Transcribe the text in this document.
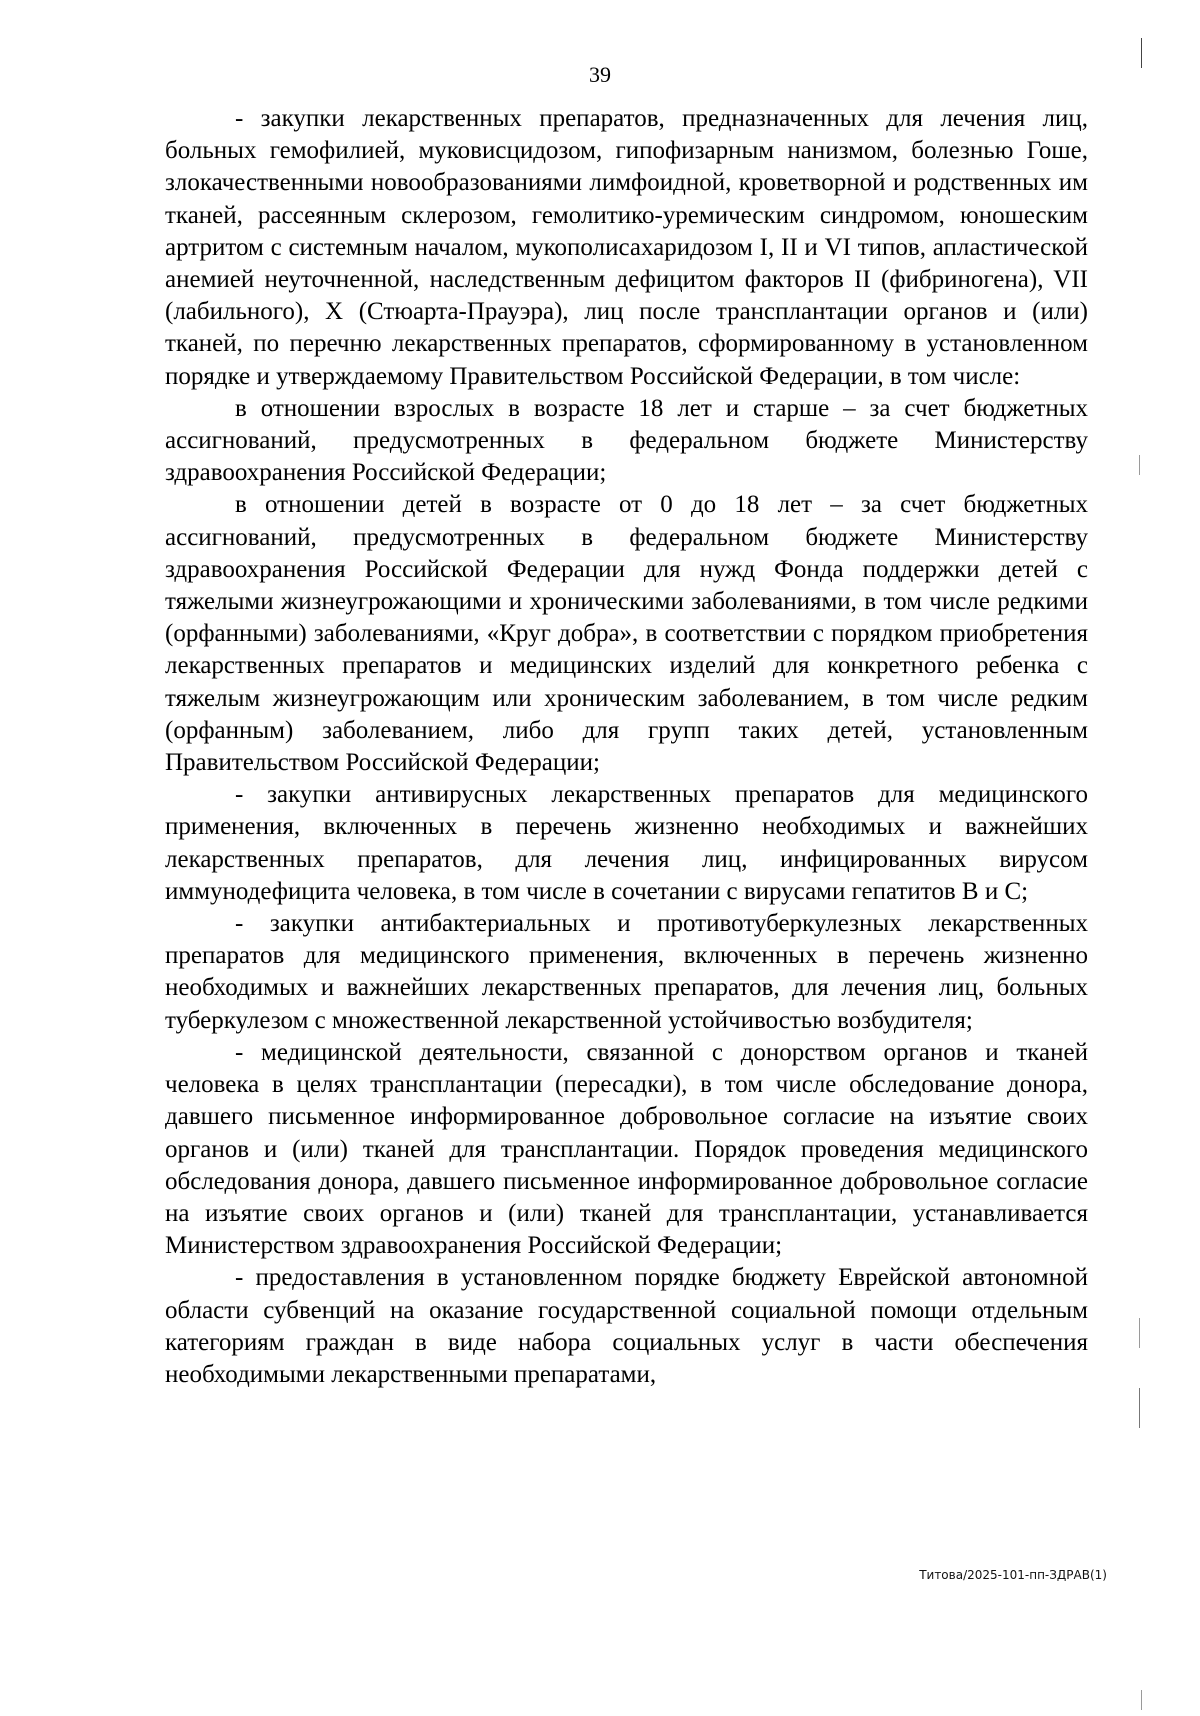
39

- закупки лекарственных препаратов, предназначенных для лечения лиц, больных гемофилией, муковисцидозом, гипофизарным нанизмом, болезнью Гоше, злокачественными новообразованиями лимфоидной, кроветворной и родственных им тканей, рассеянным склерозом, гемолитико-уремическим синдромом, юношеским артритом с системным началом, мукополисахаридозом I, II и VI типов, апластической анемией неуточненной, наследственным дефицитом факторов II (фибриногена), VII (лабильного), X (Стюарта-Прауэра), лиц после трансплантации органов и (или) тканей, по перечню лекарственных препаратов, сформированному в установленном порядке и утверждаемому Правительством Российской Федерации, в том числе:

в отношении взрослых в возрасте 18 лет и старше – за счет бюджетных ассигнований, предусмотренных в федеральном бюджете Министерству здравоохранения Российской Федерации;

в отношении детей в возрасте от 0 до 18 лет – за счет бюджетных ассигнований, предусмотренных в федеральном бюджете Министерству здравоохранения Российской Федерации для нужд Фонда поддержки детей с тяжелыми жизнеугрожающими и хроническими заболеваниями, в том числе редкими (орфанными) заболеваниями, «Круг добра», в соответствии с порядком приобретения лекарственных препаратов и медицинских изделий для конкретного ребенка с тяжелым жизнеугрожающим или хроническим заболеванием, в том числе редким (орфанным) заболеванием, либо для групп таких детей, установленным Правительством Российской Федерации;

- закупки антивирусных лекарственных препаратов для медицинского применения, включенных в перечень жизненно необходимых и важнейших лекарственных препаратов, для лечения лиц, инфицированных вирусом иммунодефицита человека, в том числе в сочетании с вирусами гепатитов B и C;

- закупки антибактериальных и противотуберкулезных лекарственных препаратов для медицинского применения, включенных в перечень жизненно необходимых и важнейших лекарственных препаратов, для лечения лиц, больных туберкулезом с множественной лекарственной устойчивостью возбудителя;

- медицинской деятельности, связанной с донорством органов и тканей человека в целях трансплантации (пересадки), в том числе обследование донора, давшего письменное информированное добровольное согласие на изъятие своих органов и (или) тканей для трансплантации. Порядок проведения медицинского обследования донора, давшего письменное информированное добровольное согласие на изъятие своих органов и (или) тканей для трансплантации, устанавливается Министерством здравоохранения Российской Федерации;

- предоставления в установленном порядке бюджету Еврейской автономной области субвенций на оказание государственной социальной помощи отдельным категориям граждан в виде набора социальных услуг в части обеспечения необходимыми лекарственными препаратами,

Титова/2025-101-пп-ЗДРАВ(1)
